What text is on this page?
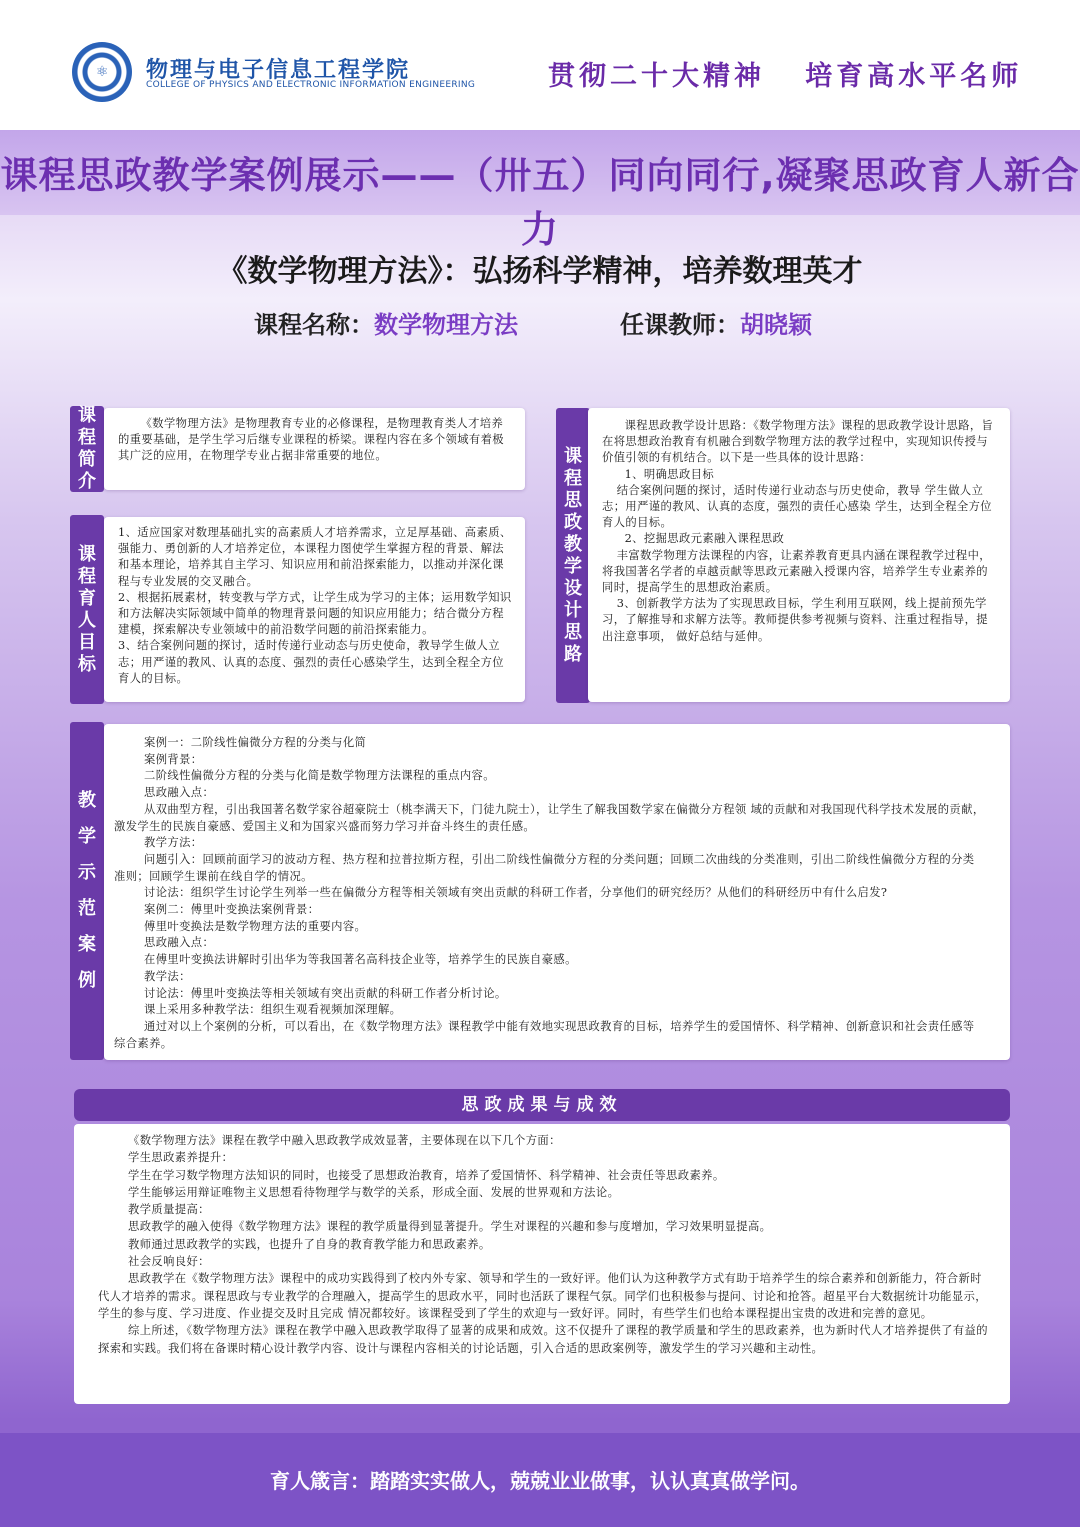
⚛ 物理与电子信息工程学院
COLLEGE OF PHYSICS AND ELECTRONIC INFORMATION ENGINEERING	贯彻二十大精神   培育高水平名师
课程思政教学案例展示——（卅五）同向同行,凝聚思政育人新合力
《数学物理方法》：弘扬科学精神，培养数理英才
课程名称：数学物理方法	任课教师：胡晓颖
课程简介

《数学物理方法》是物理教育专业的必修课程，是物理教育类人才培养的重要基础，是学生学习后继专业课程的桥梁。课程内容在多个领域有着极其广泛的应用，在物理学专业占据非常重要的地位。

课程育人目标

1、适应国家对数理基础扎实的高素质人才培养需求，立足厚基础、高素质、强能力、勇创新的人才培养定位，本课程力图使学生掌握方程的背景、解法和基本理论，培养其自主学习、知识应用和前沿探索能力，以推动并深化课程与专业发展的交叉融合。

2、根据拓展素材，转变教与学方式，让学生成为学习的主体；运用数学知识和方法解决实际领域中简单的物理背景问题的知识应用能力；结合微分方程建模，探索解决专业领域中的前沿数学问题的前沿探索能力。

3、结合案例问题的探讨，适时传递行业动态与历史使命，教导学生做人立志；用严谨的教风、认真的态度、强烈的责任心感染学生，达到全程全方位育人的目标。

课程思政教学设计思路

课程思政教学设计思路：《数学物理方法》课程的思政教学设计思路，旨在将思想政治教育有机融合到数学物理方法的教学过程中，实现知识传授与价值引领的有机结合。以下是一些具体的设计思路：

1、明确思政目标

结合案例问题的探讨，适时传递行业动态与历史使命，教导 学生做人立志；用严谨的教风、认真的态度，强烈的责任心感染 学生，达到全程全方位育人的目标。

2、挖掘思政元素融入课程思政

丰富数学物理方法课程的内容，让素养教育更具内涵在课程教学过程中，将我国著名学者的卓越贡献等思政元素融入授课内容，培养学生专业素养的同时，提高学生的思想政治素质。

3、创新教学方法为了实现思政目标，学生利用互联网，线上提前预先学习，了解推导和求解方法等。教师提供参考视频与资料、注重过程指导，提出注意事项， 做好总结与延伸。

教学示范案例

案例一：二阶线性偏微分方程的分类与化简

案例背景：

二阶线性偏微分方程的分类与化简是数学物理方法课程的重点内容。

思政融入点：

从双曲型方程，引出我国著名数学家谷超豪院士（桃李满天下，门徒九院士），让学生了解我国数学家在偏微分方程领 域的贡献和对我国现代科学技术发展的贡献，激发学生的民族自豪感、爱国主义和为国家兴盛而努力学习并奋斗终生的责任感。

教学方法：

问题引入：回顾前面学习的波动方程、热方程和拉普拉斯方程，引出二阶线性偏微分方程的分类问题；回顾二次曲线的分类准则，引出二阶线性偏微分方程的分类准则；回顾学生课前在线自学的情况。

讨论法：组织学生讨论学生列举一些在偏微分方程等相关领域有突出贡献的科研工作者，分享他们的研究经历？从他们的科研经历中有什么启发?

案例二：傅里叶变换法案例背景：

傅里叶变换法是数学物理方法的重要内容。

思政融入点：

在傅里叶变换法讲解时引出华为等我国著名高科技企业等，培养学生的民族自豪感。

教学法：

讨论法：傅里叶变换法等相关领域有突出贡献的科研工作者分析讨论。

课上采用多种教学法：组织生观看视频加深理解。

通过对以上个案例的分析，可以看出，在《数学物理方法》课程教学中能有效地实现思政教育的目标，培养学生的爱国情怀、科学精神、创新意识和社会责任感等综合素养。

思政成果与成效

《数学物理方法》课程在教学中融入思政教学成效显著，主要体现在以下几个方面：

学生思政素养提升：

学生在学习数学物理方法知识的同时，也接受了思想政治教育，培养了爱国情怀、科学精神、社会责任等思政素养。

学生能够运用辩证唯物主义思想看待物理学与数学的关系，形成全面、发展的世界观和方法论。

教学质量提高：

思政教学的融入使得《数学物理方法》课程的教学质量得到显著提升。学生对课程的兴趣和参与度增加，学习效果明显提高。

教师通过思政教学的实践，也提升了自身的教育教学能力和思政素养。

社会反响良好：

思政教学在《数学物理方法》课程中的成功实践得到了校内外专家、领导和学生的一致好评。他们认为这种教学方式有助于培养学生的综合素养和创新能力，符合新时代人才培养的需求。课程思政与专业教学的合理融入，提高学生的思政水平，同时也活跃了课程气氛。同学们也积极参与提问、讨论和抢答。超星平台大数据统计功能显示，学生的参与度、学习进度、作业提交及时且完成 情况都较好。该课程受到了学生的欢迎与一致好评。同时，有些学生们也给本课程提出宝贵的改进和完善的意见。

综上所述，《数学物理方法》课程在教学中融入思政教学取得了显著的成果和成效。这不仅提升了课程的教学质量和学生的思政素养，也为新时代人才培养提供了有益的探索和实践。我们将在备课时精心设计教学内容、设计与课程内容相关的讨论话题，引入合适的思政案例等，激发学生的学习兴趣和主动性。

育人箴言：踏踏实实做人，兢兢业业做事，认认真真做学问。
